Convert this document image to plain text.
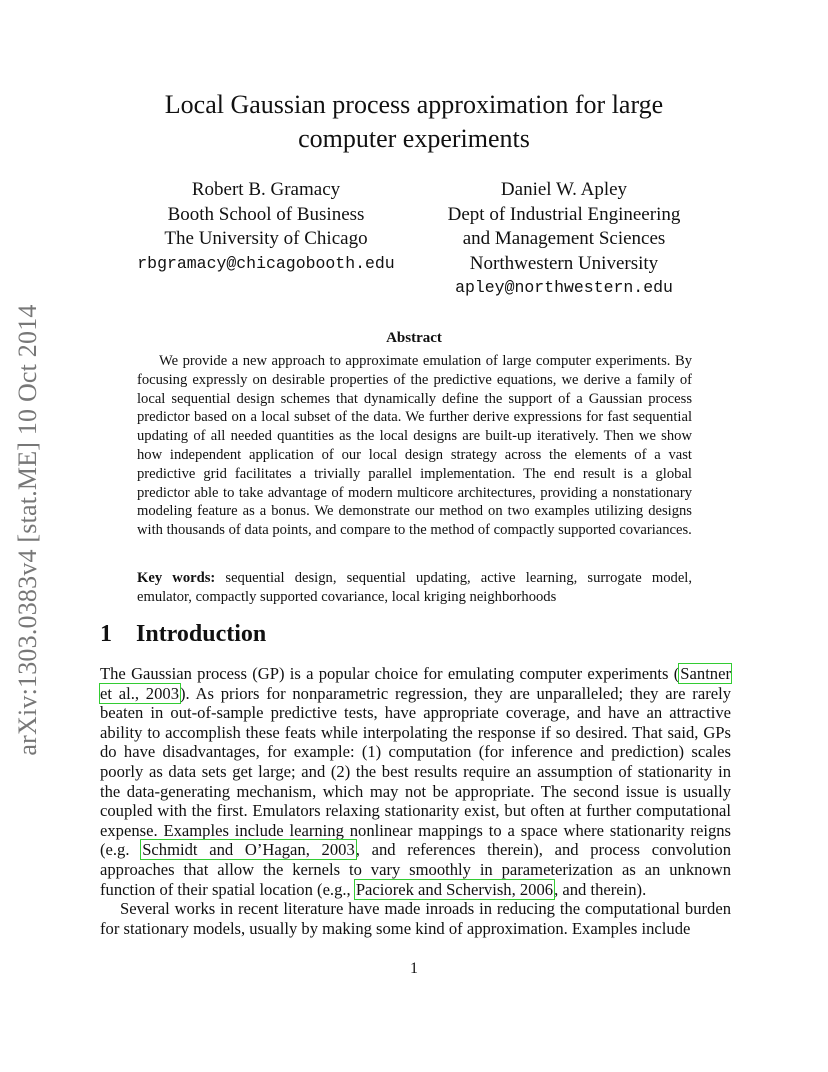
arXiv:1303.0383v4 [stat.ME] 10 Oct 2014
Local Gaussian process approximation for large
computer experiments
Robert B. Gramacy
Booth School of Business
The University of Chicago
rbgramacy@chicagobooth.edu
Daniel W. Apley
Dept of Industrial Engineering
and Management Sciences
Northwestern University
apley@northwestern.edu
Abstract
We provide a new approach to approximate emulation of large computer experiments. By focusing expressly on desirable properties of the predictive equations, we derive a family of local sequential design schemes that dynamically define the support of a Gaussian process predictor based on a local subset of the data. We further derive expressions for fast sequential updating of all needed quantities as the local designs are built-up iteratively. Then we show how independent application of our local design strategy across the elements of a vast predictive grid facilitates a trivially parallel implementation. The end result is a global predictor able to take advantage of modern multicore architectures, providing a nonstationary modeling feature as a bonus. We demonstrate our method on two examples utilizing designs with thousands of data points, and compare to the method of compactly supported covariances.
Key words: sequential design, sequential updating, active learning, surrogate model, emulator, compactly supported covariance, local kriging neighborhoods
1 Introduction

The Gaussian process (GP) is a popular choice for emulating computer experiments (Santner et al., 2003). As priors for nonparametric regression, they are unparalleled; they are rarely beaten in out-of-sample predictive tests, have appropriate coverage, and have an attractive ability to accomplish these feats while interpolating the response if so desired. That said, GPs do have disadvantages, for example: (1) computation (for inference and prediction) scales poorly as data sets get large; and (2) the best results require an assumption of stationarity in the data-generating mechanism, which may not be appropriate. The second issue is usually coupled with the first. Emulators relaxing stationarity exist, but often at further computational expense. Examples include learning nonlinear mappings to a space where stationarity reigns (e.g. Schmidt and O’Hagan, 2003, and references therein), and process convolution approaches that allow the kernels to vary smoothly in parameterization as an unknown function of their spatial location (e.g., Paciorek and Schervish, 2006, and therein).

Several works in recent literature have made inroads in reducing the computational burden for stationary models, usually by making some kind of approximation. Examples include

1
